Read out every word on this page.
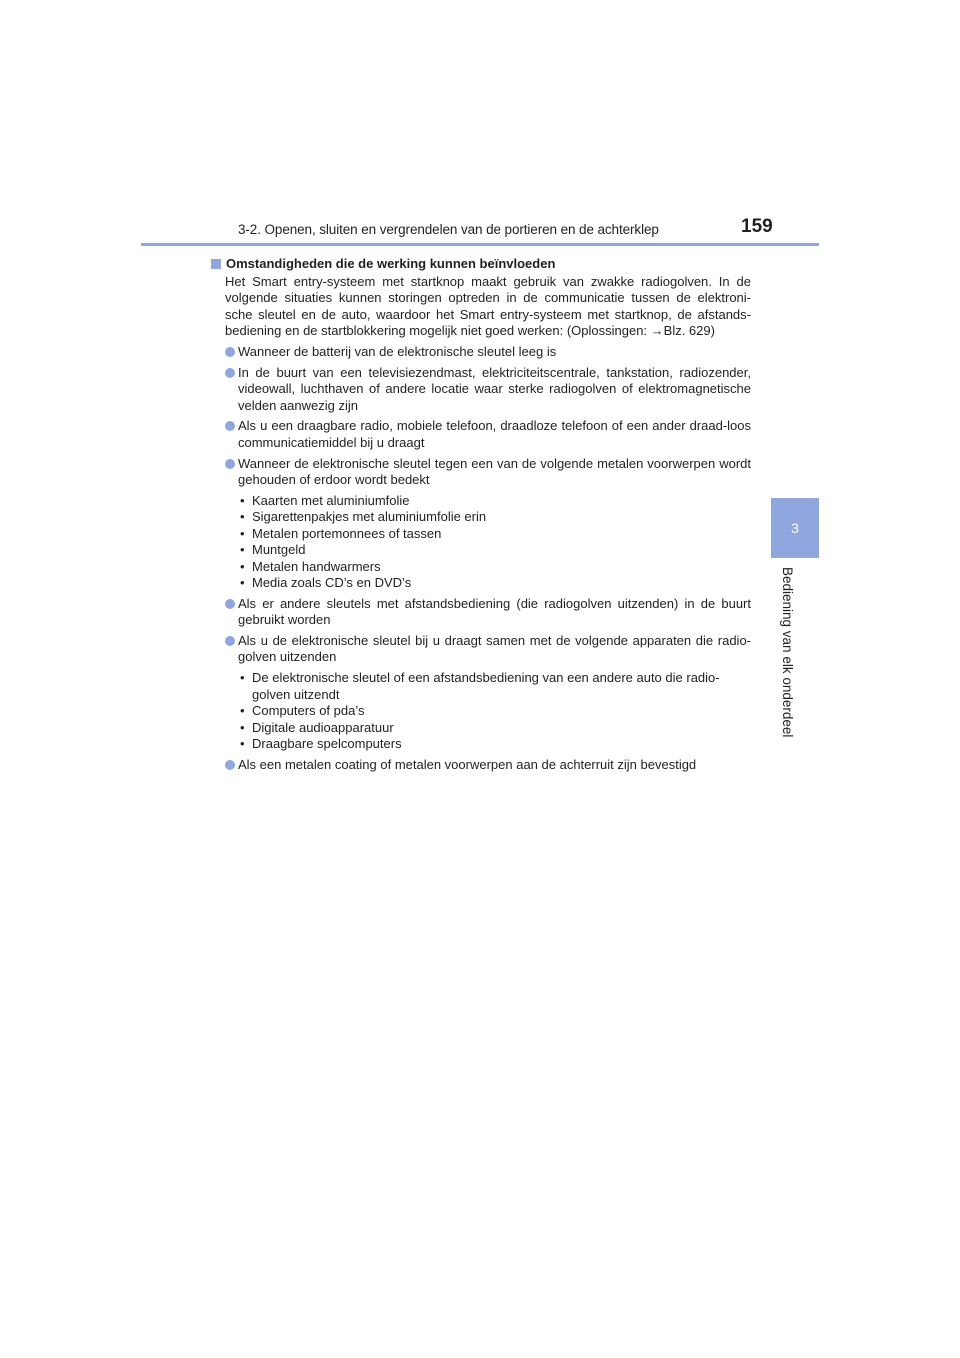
3-2. Openen, sluiten en vergrendelen van de portieren en de achterklep	159
3
Bediening van elk onderdeel
Omstandigheden die de werking kunnen beïnvloeden
Het Smart entry-systeem met startknop maakt gebruik van zwakke radiogolven. In de
volgende situaties kunnen storingen optreden in de communicatie tussen de elektroni-
sche sleutel en de auto, waardoor het Smart entry-systeem met startknop, de afstands-
bediening en de startblokkering mogelijk niet goed werken: (Oplossingen: →Blz. 629)
Wanneer de batterij van de elektronische sleutel leeg is
In de buurt van een televisiezendmast, elektriciteitscentrale, tankstation, radiozender, videowall, luchthaven of andere locatie waar sterke radiogolven of elektromagnetische velden aanwezig zijn
Als u een draagbare radio, mobiele telefoon, draadloze telefoon of een ander draad-loos communicatiemiddel bij u draagt
Wanneer de elektronische sleutel tegen een van de volgende metalen voorwerpen wordt gehouden of erdoor wordt bedekt
• Kaarten met aluminiumfolie
• Sigarettenpakjes met aluminiumfolie erin
• Metalen portemonnees of tassen
• Muntgeld
• Metalen handwarmers
• Media zoals CD’s en DVD’s
Als er andere sleutels met afstandsbediening (die radiogolven uitzenden) in de buurt gebruikt worden
Als u de elektronische sleutel bij u draagt samen met de volgende apparaten die radio-golven uitzenden
• De elektronische sleutel of een afstandsbediening van een andere auto die radio-golven uitzendt
• Computers of pda’s
• Digitale audioapparatuur
• Draagbare spelcomputers
Als een metalen coating of metalen voorwerpen aan de achterruit zijn bevestigd
